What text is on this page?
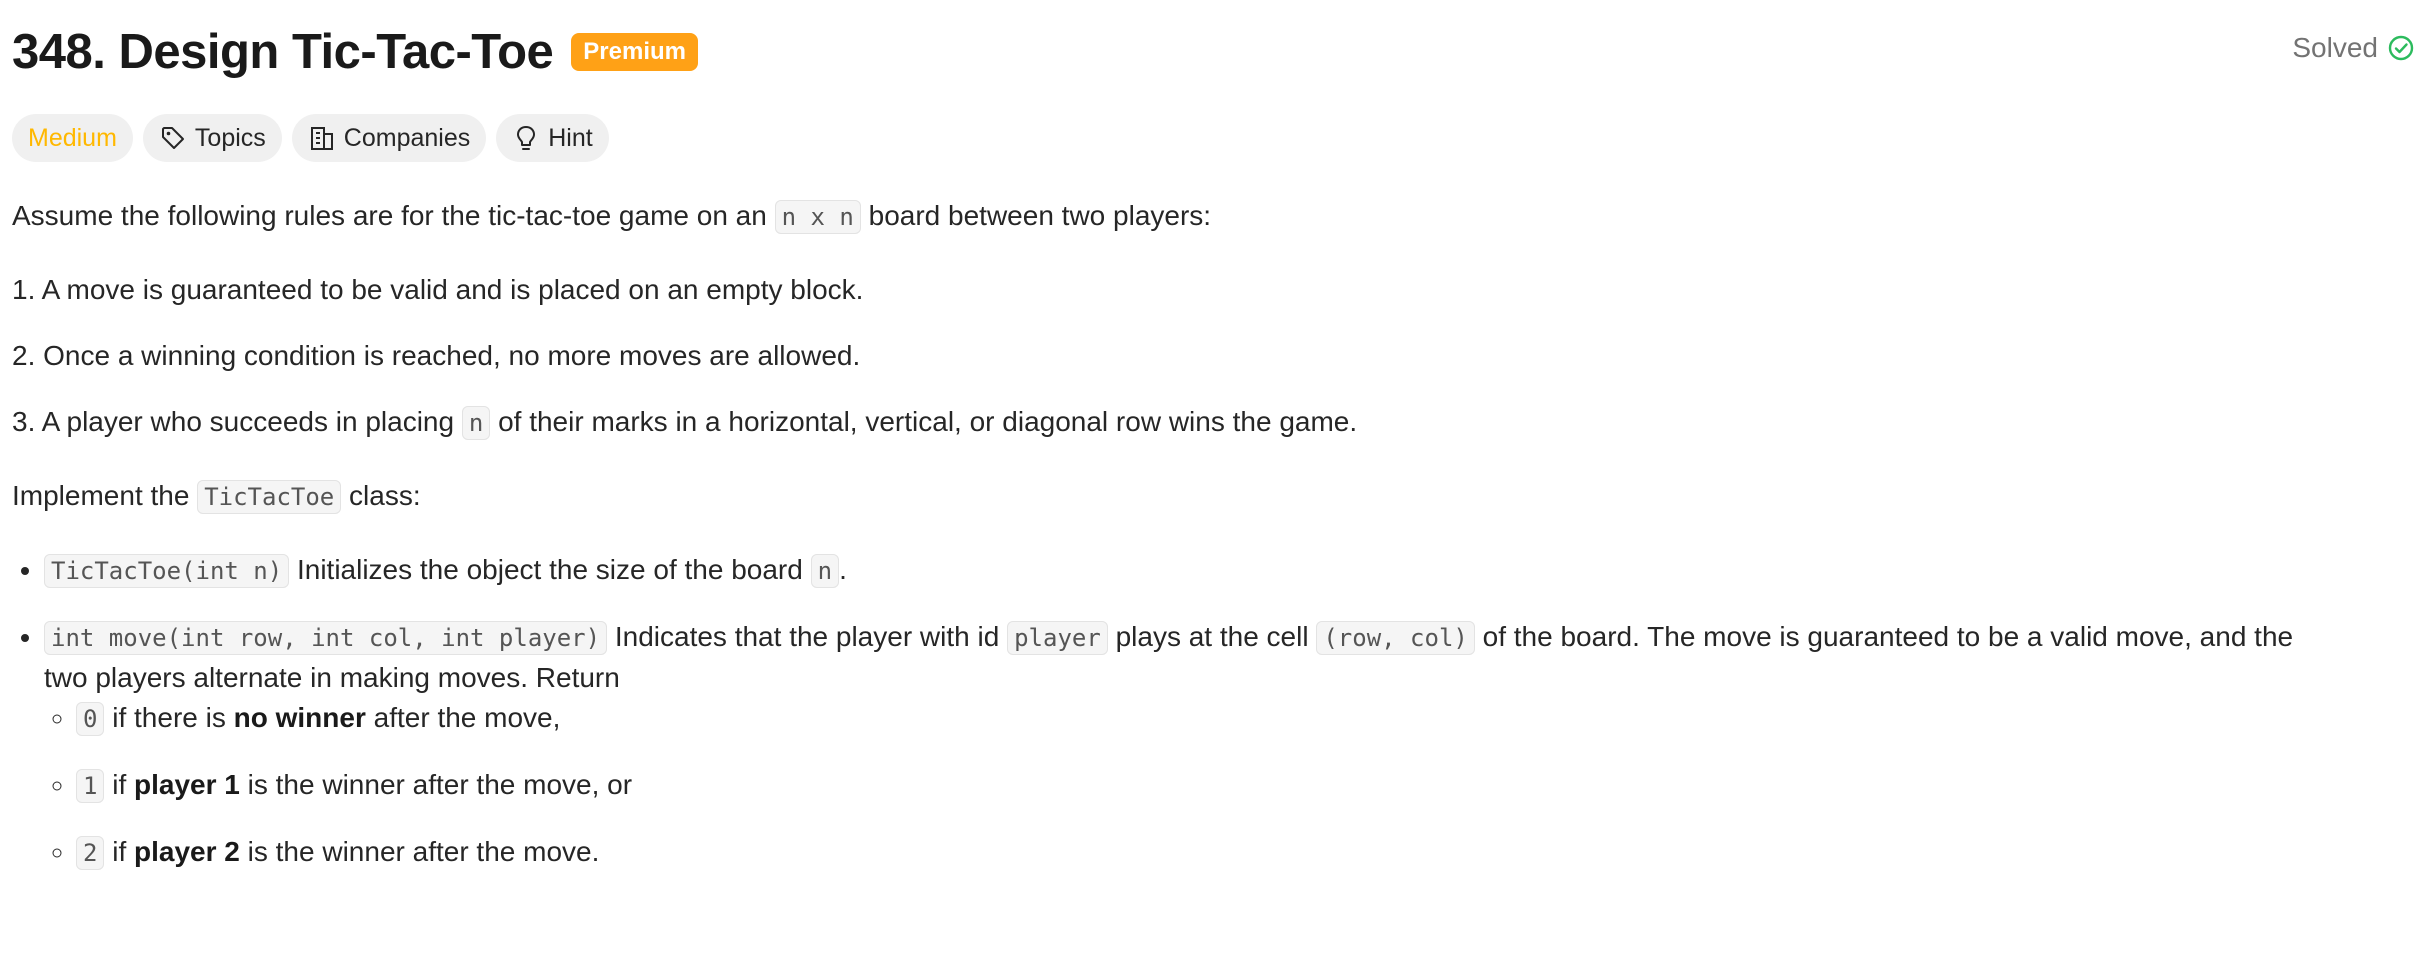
348. Design Tic-Tac-Toe	Premium	Solved
Medium	Topics	Companies	Hint

Assume the following rules are for the tic-tac-toe game on an n x n board between two players:

1. A move is guaranteed to be valid and is placed on an empty block.

2. Once a winning condition is reached, no more moves are allowed.

3. A player who succeeds in placing n of their marks in a horizontal, vertical, or diagonal row wins the game.

Implement the TicTacToe class:

• TicTacToe(int n) Initializes the object the size of the board n .
• int move(int row, int col, int player) Indicates that the player with id player plays at the cell (row, col) of the board. The move is guaranteed to be a valid move, and the
two players alternate in making moves. Return
◦ 0 if there is no winner after the move,
◦ 1 if player 1 is the winner after the move, or
◦ 2 if player 2 is the winner after the move.
